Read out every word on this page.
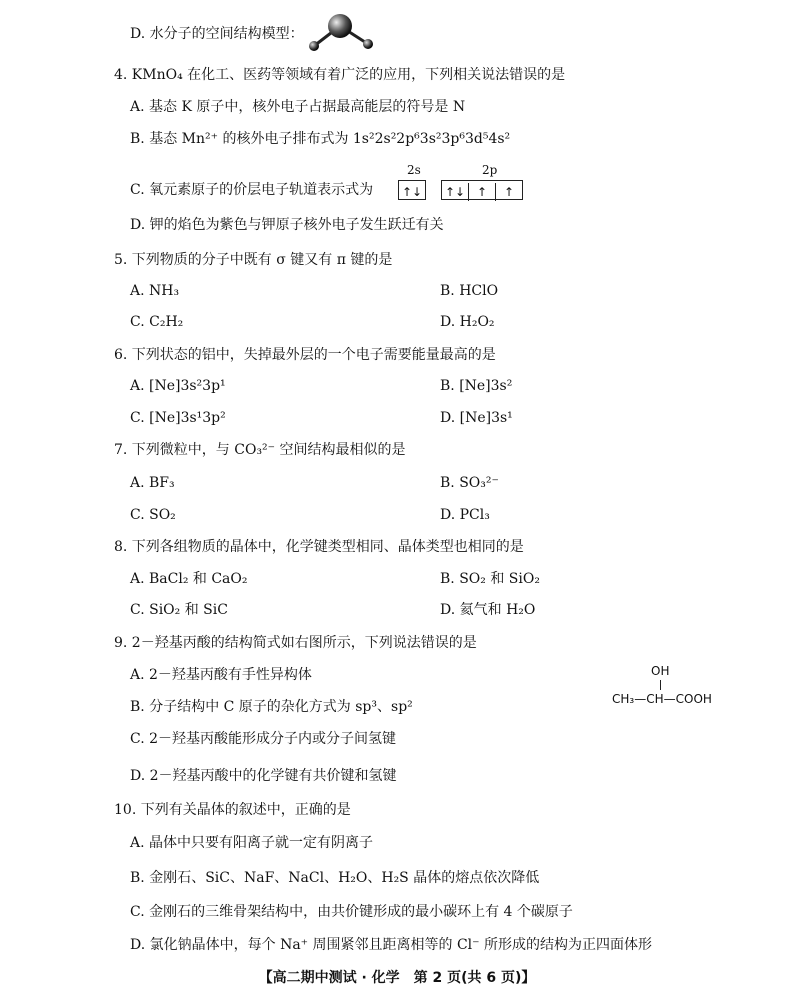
D. 水分子的空间结构模型：
4. KMnO₄ 在化工、医药等领域有着广泛的应用，下列相关说法错误的是
A. 基态 K 原子中，核外电子占据最高能层的符号是 N
B. 基态 Mn²⁺ 的核外电子排布式为 1s²2s²2p⁶3s²3p⁶3d⁵4s²
2s	2p
C. 氧元素原子的价层电子轨道表示式为	↑↓	↑↓ ↑ ↑
D. 钾的焰色为紫色与钾原子核外电子发生跃迁有关
5. 下列物质的分子中既有 σ 键又有 π 键的是
A. NH₃	B. HClO
C. C₂H₂	D. H₂O₂
6. 下列状态的铝中，失掉最外层的一个电子需要能量最高的是
A. [Ne]3s²3p¹	B. [Ne]3s²
C. [Ne]3s¹3p²	D. [Ne]3s¹
7. 下列微粒中，与 CO₃²⁻ 空间结构最相似的是
A. BF₃	B. SO₃²⁻
C. SO₂	D. PCl₃
8. 下列各组物质的晶体中，化学键类型相同、晶体类型也相同的是
A. BaCl₂ 和 CaO₂	B. SO₂ 和 SiO₂
C. SiO₂ 和 SiC	D. 氦气和 H₂O
9. 2－羟基丙酸的结构简式如右图所示，下列说法错误的是
A. 2－羟基丙酸有手性异构体
B. 分子结构中 C 原子的杂化方式为 sp³、sp²
C. 2－羟基丙酸能形成分子内或分子间氢键
D. 2－羟基丙酸中的化学键有共价键和氢键
OH
CH₃—CH—COOH
10. 下列有关晶体的叙述中，正确的是
A. 晶体中只要有阳离子就一定有阴离子
B. 金刚石、SiC、NaF、NaCl、H₂O、H₂S 晶体的熔点依次降低
C. 金刚石的三维骨架结构中，由共价键形成的最小碳环上有 4 个碳原子
D. 氯化钠晶体中，每个 Na⁺ 周围紧邻且距离相等的 Cl⁻ 所形成的结构为正四面体形
【高二期中测试 · 化学　第 2 页(共 6 页)】
